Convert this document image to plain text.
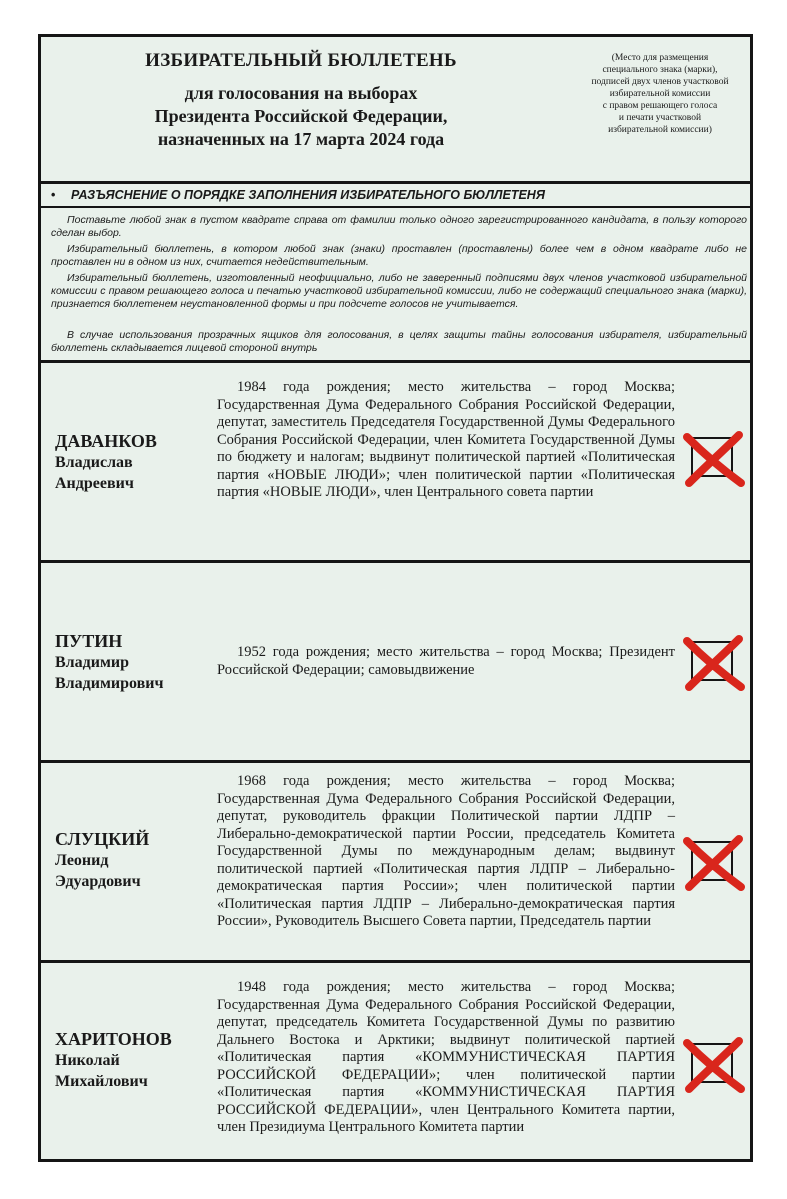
ИЗБИРАТЕЛЬНЫЙ БЮЛЛЕТЕНЬ
для голосования на выборах
Президента Российской Федерации,
назначенных на 17 марта 2024 года
(Место для размещения
специального знака (марки),
подписей двух членов участковой
избирательной комиссии
с правом решающего голоса
и печати участковой
избирательной комиссии)
• РАЗЪЯСНЕНИЕ О ПОРЯДКЕ ЗАПОЛНЕНИЯ ИЗБИРАТЕЛЬНОГО БЮЛЛЕТЕНЯ
Поставьте любой знак в пустом квадрате справа от фамилии только одного зарегистрированного кандидата, в пользу которого сделан выбор.
Избирательный бюллетень, в котором любой знак (знаки) проставлен (проставлены) более чем в одном квадрате либо не проставлен ни в одном из них, считается недействительным.
Избирательный бюллетень, изготовленный неофициально, либо не заверенный подписями двух членов участковой избирательной комиссии с правом решающего голоса и печатью участковой избирательной комиссии, либо не содержащий специального знака (марки), признается бюллетенем неустановленной формы и при подсчете голосов не учитывается.
В случае использования прозрачных ящиков для голосования, в целях защиты тайны голосования избирателя, избирательный бюллетень складывается лицевой стороной внутрь
ДАВАНКОВ
Владислав
Андреевич
1984 года рождения; место жительства – город Москва; Государственная Дума Федерального Собрания Российской Федерации, депутат, заместитель Председателя Государственной Думы Федерального Собрания Российской Федерации, член Комитета Государственной Думы по бюджету и налогам; выдвинут политической партией «Политическая партия «НОВЫЕ ЛЮДИ»; член политической партии «Политическая партия «НОВЫЕ ЛЮДИ», член Центрального совета партии
ПУТИН
Владимир
Владимирович
1952 года рождения; место жительства – город Москва; Президент Российской Федерации; самовыдвижение
СЛУЦКИЙ
Леонид
Эдуардович
1968 года рождения; место жительства – город Москва; Государственная Дума Федерального Собрания Российской Федерации, депутат, руководитель фракции Политической партии ЛДПР – Либерально-демократической партии России, председатель Комитета Государственной Думы по международным делам; выдвинут политической партией «Политическая партия ЛДПР – Либерально-демократическая партия России»; член политической партии «Политическая партия ЛДПР – Либерально-демократическая партия России», Руководитель Высшего Совета партии, Председатель партии
ХАРИТОНОВ
Николай
Михайлович
1948 года рождения; место жительства – город Москва; Государственная Дума Федерального Собрания Российской Федерации, депутат, председатель Комитета Государственной Думы по развитию Дальнего Востока и Арктики; выдвинут политической партией «Политическая партия «КОММУНИСТИЧЕСКАЯ ПАРТИЯ РОССИЙСКОЙ ФЕДЕРАЦИИ»; член политической партии «Политическая партия «КОММУНИСТИЧЕСКАЯ ПАРТИЯ РОССИЙСКОЙ ФЕДЕРАЦИИ», член Центрального Комитета партии, член Президиума Центрального Комитета партии
